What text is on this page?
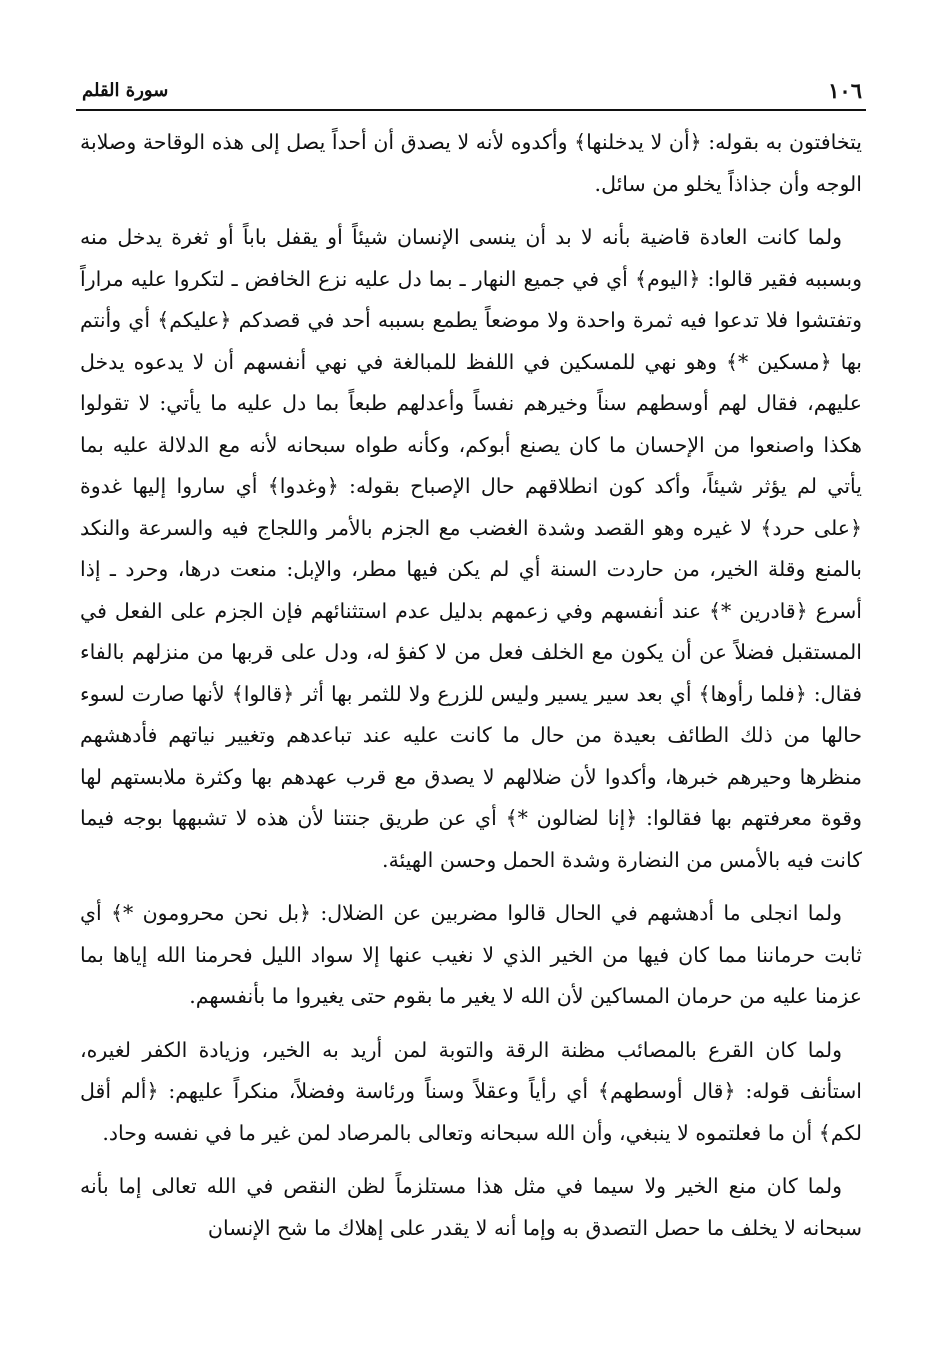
١٠٦
سورة القلم

يتخافتون به بقوله: ﴿أن لا يدخلنها﴾ وأكدوه لأنه لا يصدق أن أحداً يصل إلى هذه الوقاحة وصلابة الوجه وأن جذاذاً يخلو من سائل.

ولما كانت العادة قاضية بأنه لا بد أن ينسى الإنسان شيئاً أو يقفل باباً أو ثغرة يدخل منه وبسببه فقير قالوا: ﴿اليوم﴾ أي في جميع النهار ـ بما دل عليه نزع الخافض ـ لتكروا عليه مراراً وتفتشوا فلا تدعوا فيه ثمرة واحدة ولا موضعاً يطمع بسببه أحد في قصدكم ﴿عليكم﴾ أي وأنتم بها ﴿مسكين *﴾ وهو نهي للمسكين في اللفظ للمبالغة في نهي أنفسهم أن لا يدعوه يدخل عليهم، فقال لهم أوسطهم سناً وخيرهم نفساً وأعدلهم طبعاً بما دل عليه ما يأتي: لا تقولوا هكذا واصنعوا من الإحسان ما كان يصنع أبوكم، وكأنه طواه سبحانه لأنه مع الدلالة عليه بما يأتي لم يؤثر شيئاً، وأكد كون انطلاقهم حال الإصباح بقوله: ﴿وغدوا﴾ أي ساروا إليها غدوة ﴿على حرد﴾ لا غيره وهو القصد وشدة الغضب مع الجزم بالأمر واللجاج فيه والسرعة والنكد بالمنع وقلة الخير، من حاردت السنة أي لم يكن فيها مطر، والإبل: منعت درها، وحرد ـ إذا أسرع ﴿قادرين *﴾ عند أنفسهم وفي زعمهم بدليل عدم استثنائهم فإن الجزم على الفعل في المستقبل فضلاً عن أن يكون مع الخلف فعل من لا كفؤ له، ودل على قربها من منزلهم بالفاء فقال: ﴿فلما رأوها﴾ أي بعد سير يسير وليس للزرع ولا للثمر بها أثر ﴿قالوا﴾ لأنها صارت لسوء حالها من ذلك الطائف بعيدة من حال ما كانت عليه عند تباعدهم وتغيير نياتهم فأدهشهم منظرها وحيرهم خبرها، وأكدوا لأن ضلالهم لا يصدق مع قرب عهدهم بها وكثرة ملابستهم لها وقوة معرفتهم بها فقالوا: ﴿إنا لضالون *﴾ أي عن طريق جنتنا لأن هذه لا تشبهها بوجه فيما كانت فيه بالأمس من النضارة وشدة الحمل وحسن الهيئة.

ولما انجلى ما أدهشهم في الحال قالوا مضربين عن الضلال: ﴿بل نحن محرومون *﴾ أي ثابت حرماننا مما كان فيها من الخير الذي لا نغيب عنها إلا سواد الليل فحرمنا الله إياها بما عزمنا عليه من حرمان المساكين لأن الله لا يغير ما بقوم حتى يغيروا ما بأنفسهم.

ولما كان القرع بالمصائب مظنة الرقة والتوبة لمن أريد به الخير، وزيادة الكفر لغيره، استأنف قوله: ﴿قال أوسطهم﴾ أي رأياً وعقلاً وسناً ورئاسة وفضلاً، منكراً عليهم: ﴿ألم أقل لكم﴾ أن ما فعلتموه لا ينبغي، وأن الله سبحانه وتعالى بالمرصاد لمن غير ما في نفسه وحاد.

ولما كان منع الخير ولا سيما في مثل هذا مستلزماً لظن النقص في الله تعالى إما بأنه سبحانه لا يخلف ما حصل التصدق به وإما أنه لا يقدر على إهلاك ما شح الإنسان
